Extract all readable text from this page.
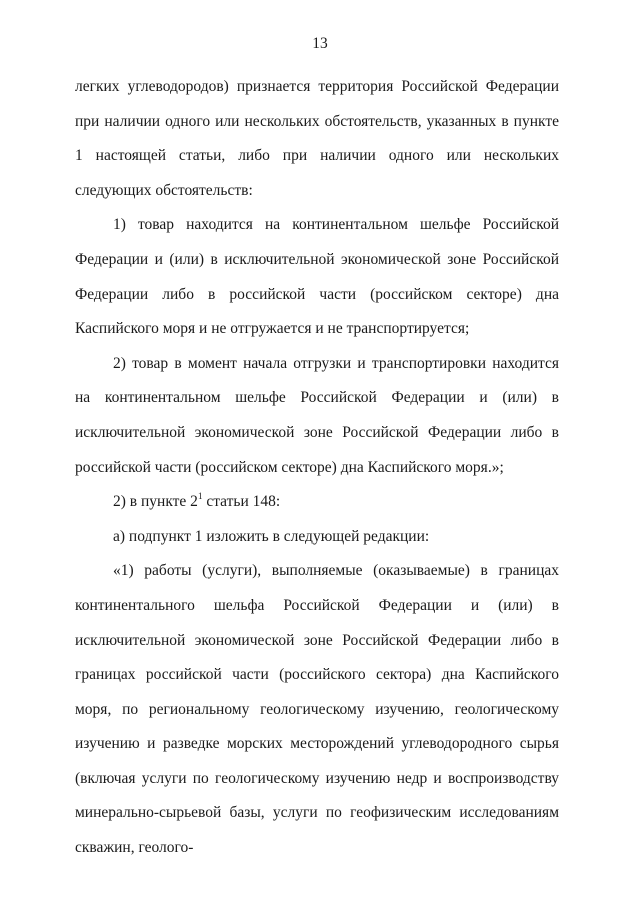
13

легких углеводородов) признается территория Российской Федерации при наличии одного или нескольких обстоятельств, указанных в пункте 1 настоящей статьи, либо при наличии одного или нескольких следующих обстоятельств:

1) товар находится на континентальном шельфе Российской Федерации и (или) в исключительной экономической зоне Российской Федерации либо в российской части (российском секторе) дна Каспийского моря и не отгружается и не транспортируется;

2) товар в момент начала отгрузки и транспортировки находится на континентальном шельфе Российской Федерации и (или) в исключительной экономической зоне Российской Федерации либо в российской части (российском секторе) дна Каспийского моря.»;

2) в пункте $2^1$ статьи 148:

а) подпункт 1 изложить в следующей редакции:

«1) работы (услуги), выполняемые (оказываемые) в границах континентального шельфа Российской Федерации и (или) в исключительной экономической зоне Российской Федерации либо в границах российской части (российского сектора) дна Каспийского моря, по региональному геологическому изучению, геологическому изучению и разведке морских месторождений углеводородного сырья (включая услуги по геологическому изучению недр и воспроизводству минерально-сырьевой базы, услуги по геофизическим исследованиям скважин, геолого-
